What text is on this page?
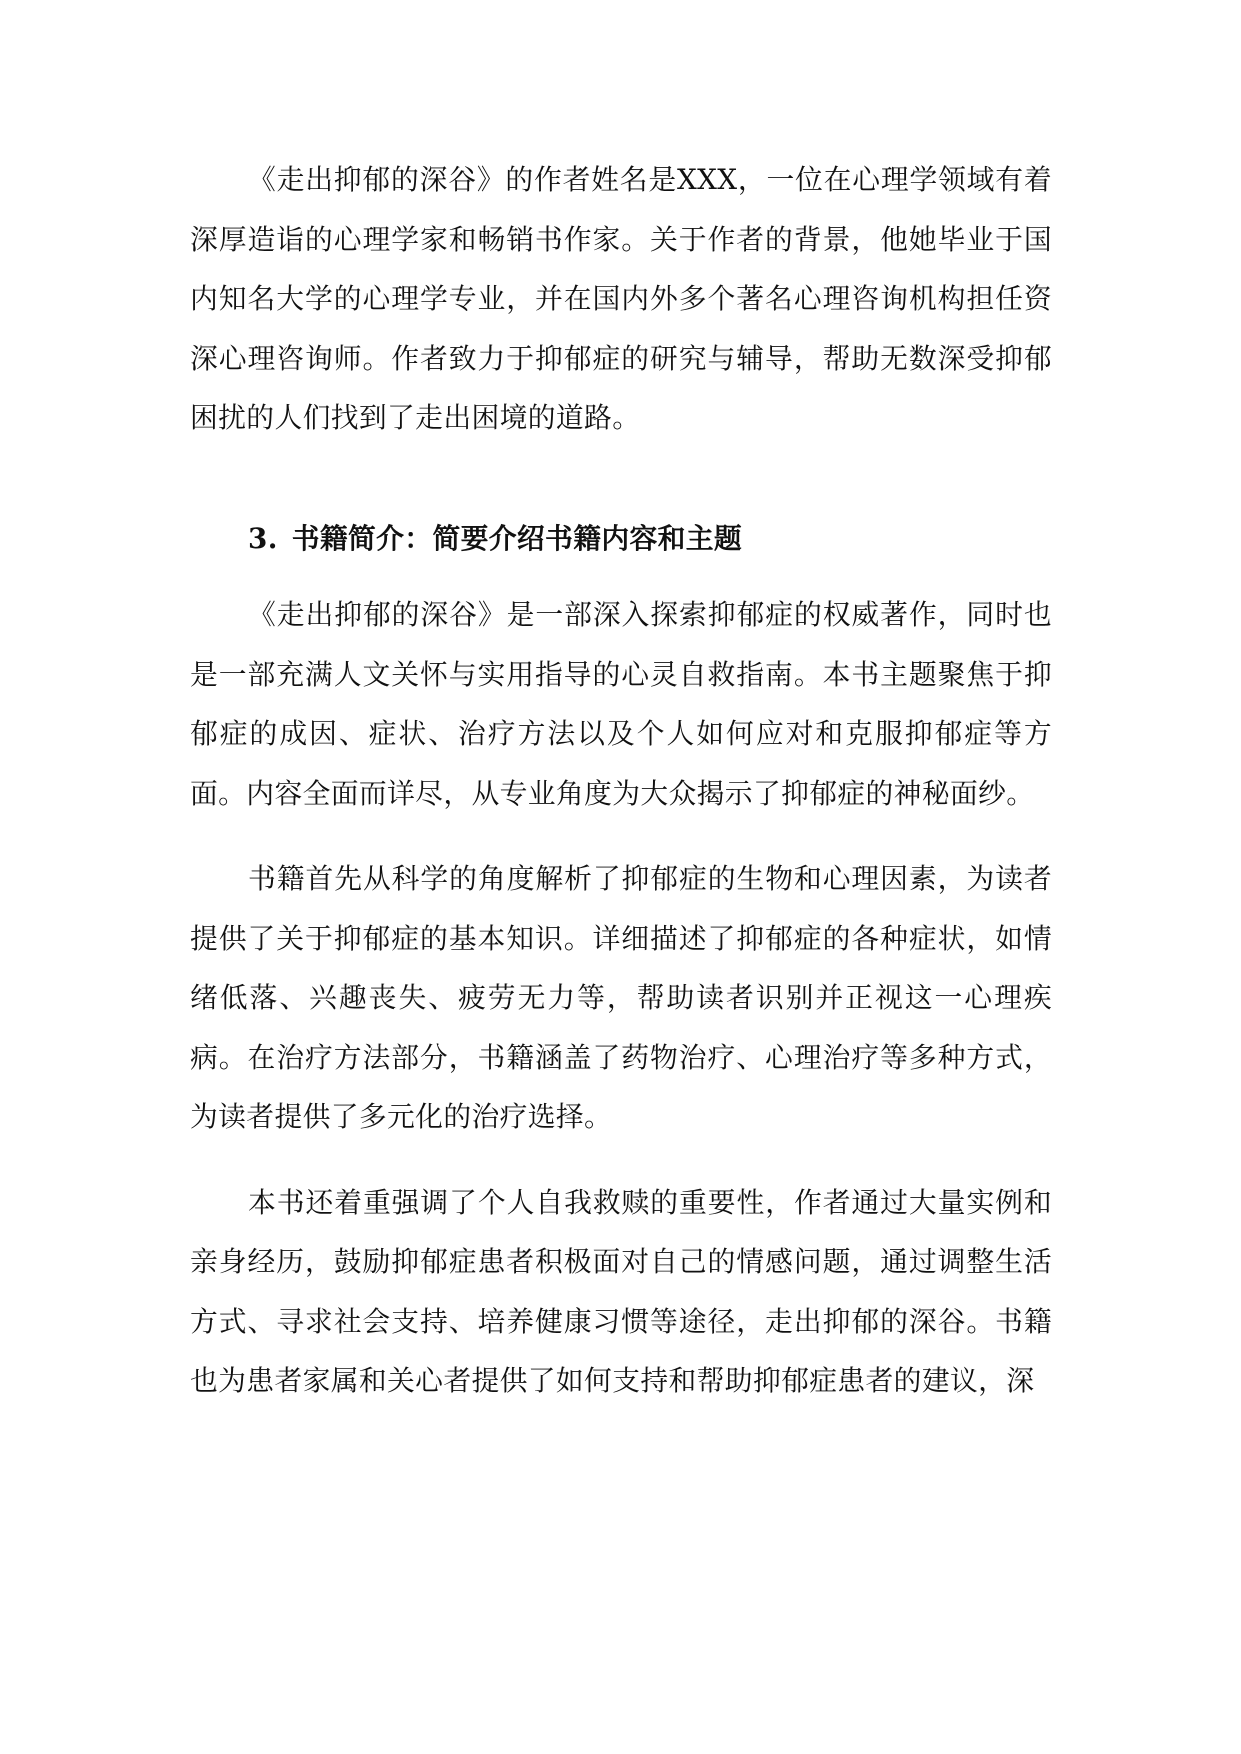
《走出抑郁的深谷》的作者姓名是XXX，一位在心理学领域有着深厚造诣的心理学家和畅销书作家。关于作者的背景，他她毕业于国内知名大学的心理学专业，并在国内外多个著名心理咨询机构担任资深心理咨询师。作者致力于抑郁症的研究与辅导，帮助无数深受抑郁困扰的人们找到了走出困境的道路。

3. 书籍简介：简要介绍书籍内容和主题

《走出抑郁的深谷》是一部深入探索抑郁症的权威著作，同时也是一部充满人文关怀与实用指导的心灵自救指南。本书主题聚焦于抑郁症的成因、症状、治疗方法以及个人如何应对和克服抑郁症等方面。内容全面而详尽，从专业角度为大众揭示了抑郁症的神秘面纱。

书籍首先从科学的角度解析了抑郁症的生物和心理因素，为读者提供了关于抑郁症的基本知识。详细描述了抑郁症的各种症状，如情绪低落、兴趣丧失、疲劳无力等，帮助读者识别并正视这一心理疾病。在治疗方法部分，书籍涵盖了药物治疗、心理治疗等多种方式，为读者提供了多元化的治疗选择。

本书还着重强调了个人自我救赎的重要性，作者通过大量实例和亲身经历，鼓励抑郁症患者积极面对自己的情感问题，通过调整生活方式、寻求社会支持、培养健康习惯等途径，走出抑郁的深谷。书籍也为患者家属和关心者提供了如何支持和帮助抑郁症患者的建议，深
